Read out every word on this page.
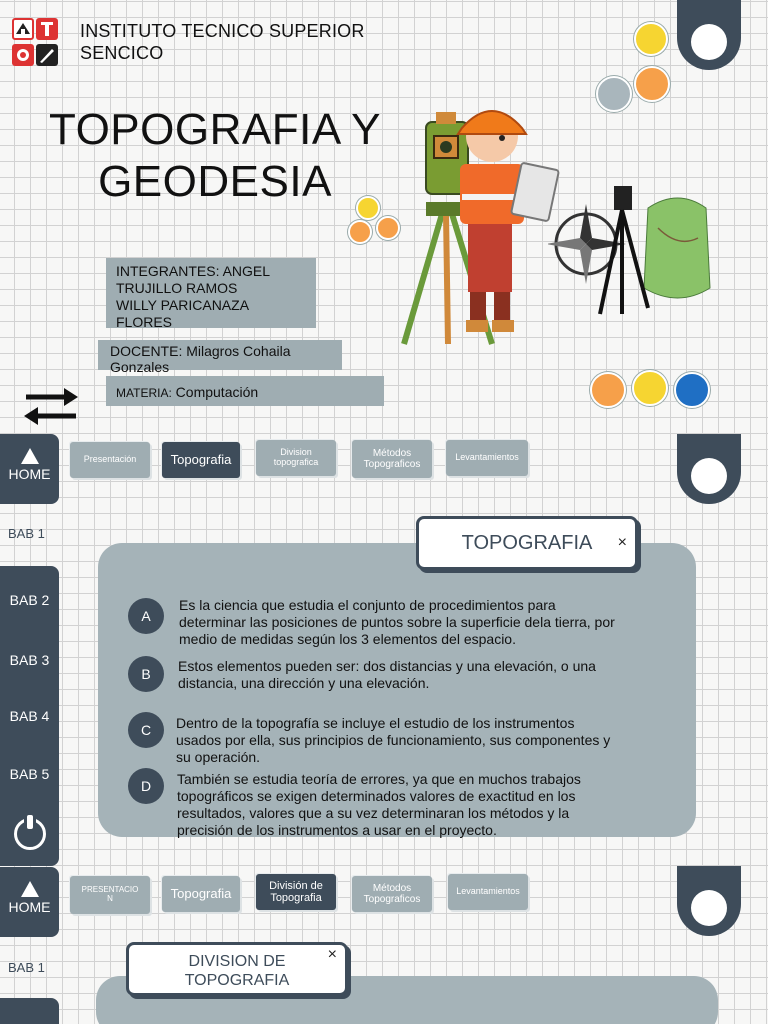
INSTITUTO TECNICO SUPERIOR
SENCICO
TOPOGRAFIA Y
GEODESIA
INTEGRANTES: ANGEL
TRUJILLO RAMOS
WILLY PARICANAZA FLORES
DOCENTE: Milagros Cohaila
Gonzales
MATERIA: Computación
HOME
Presentación	Topografia	Division topografica
Métodos Topograficos
Levantamientos
BAB 1	TOPOGRAFIA ×
A
Es la ciencia que estudia el conjunto de procedimientos para
determinar las posiciones de puntos sobre la superficie dela tierra, por
medio de medidas según los 3 elementos del espacio.
B Estos elementos pueden ser: dos distancias y una elevación, o una
distancia, una dirección y una elevación.
C Dentro de la topografía se incluye el estudio de los instrumentos
usados por ella, sus principios de funcionamiento, sus componentes y
su operación.
D También se estudia teoría de errores, ya que en muchos trabajos
topográficos se exigen determinados valores de exactitud en los
resultados, valores que a su vez determinaran los métodos y la
precisión de los instrumentos a usar en el proyecto.
BAB 2
BAB 3
BAB 4
BAB 5
HOME
PRESENTACIO N	Topografia	División de Topografia
Métodos Topograficos
Levantamientos
BAB 1	DIVISION DE
TOPOGRAFIA
×
